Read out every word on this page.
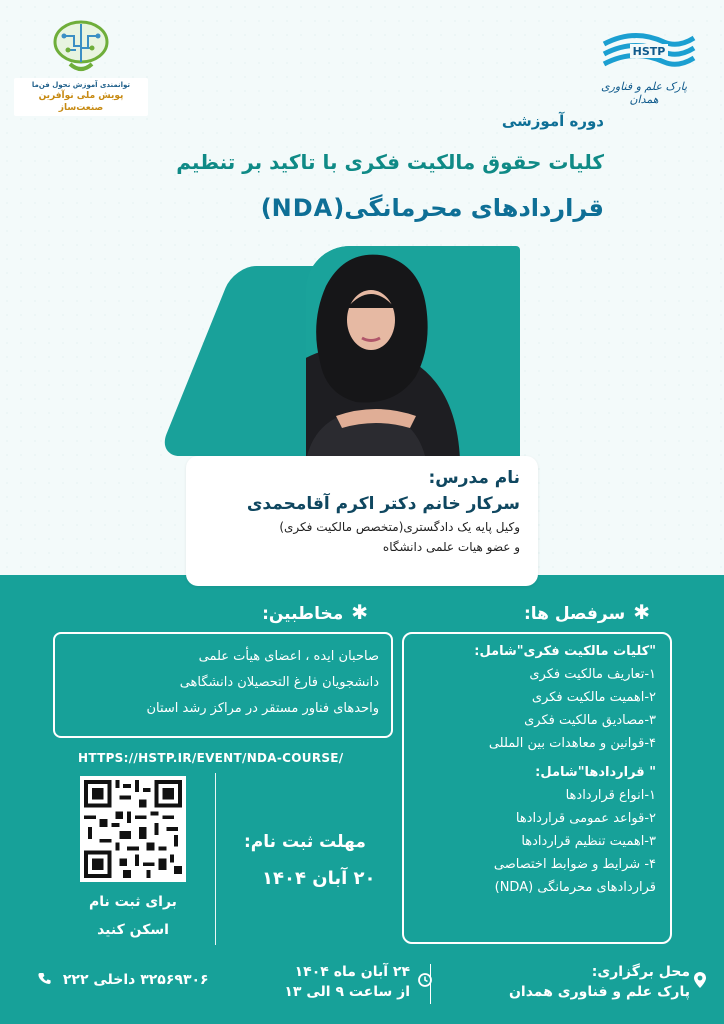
توانمندی آموزش نحول فن‌ما
پویش ملی نوآفرین صنعت‌ساز
HSTP
پارک علم و فناوری همدان
دوره آموزشی
کلیات حقوق مالکیت فکری با تاکید بر تنظیم
قراردادهای محرمانگی(NDA)
نام مدرس:
سرکار خانم دکتر اکرم آقامحمدی
وکیل پایه یک دادگستری(متخصص مالکیت فکری)
و عضو هیات علمی دانشگاه
✱سرفصل ها:
✱مخاطبین:

صاحبان ایده ، اعضای هیأت علمی

دانشجویان فارغ التحصیلان دانشگاهی

واحدهای فناور مستقر در مراکز رشد استان

"کلیات مالکیت فکری"شامل:
۱-تعاریف مالکیت فکری
۲-اهمیت مالکیت فکری
۳-مصادیق مالکیت فکری
۴-قوانین و معاهدات بین المللی
" قراردادها"شامل:
۱-انواع قراردادها
۲-قواعد عمومی قراردادها
۳-اهمیت تنظیم قراردادها
۴- شرایط و ضوابط اختصاصی
قراردادهای محرمانگی (NDA)
HTTPS://HSTP.IR/EVENT/NDA-COURSE/
برای ثبت نام
اسکن کنید
مهلت ثبت نام:
۲۰ آبان ۱۴۰۴
محل برگزاری:
پارک علم و فناوری همدان
۲۴ آبان ماه ۱۴۰۴
از ساعت ۹ الی ۱۳
۳۲۵۶۹۳۰۶ داخلی ۲۲۲
